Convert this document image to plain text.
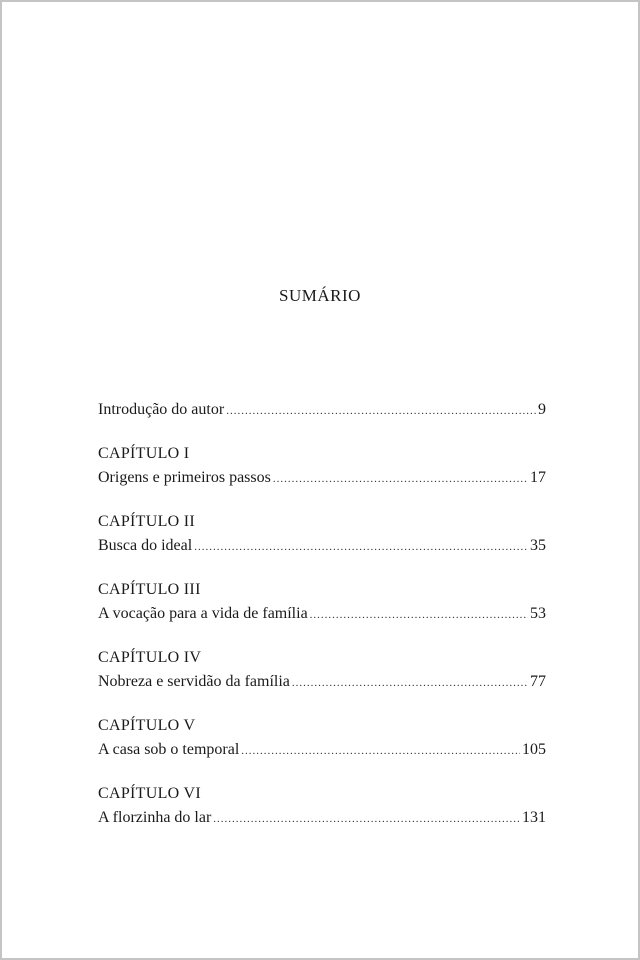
SUMÁRIO
Introdução do autor .....	9
CAPÍTULO I
Origens e primeiros passos .....	17
CAPÍTULO II
Busca do ideal .....	35
CAPÍTULO III
A vocação para a vida de família .....	53
CAPÍTULO IV
Nobreza e servidão da família .....	77
CAPÍTULO V
A casa sob o temporal .....	105
CAPÍTULO VI
A florzinha do lar .....	131
